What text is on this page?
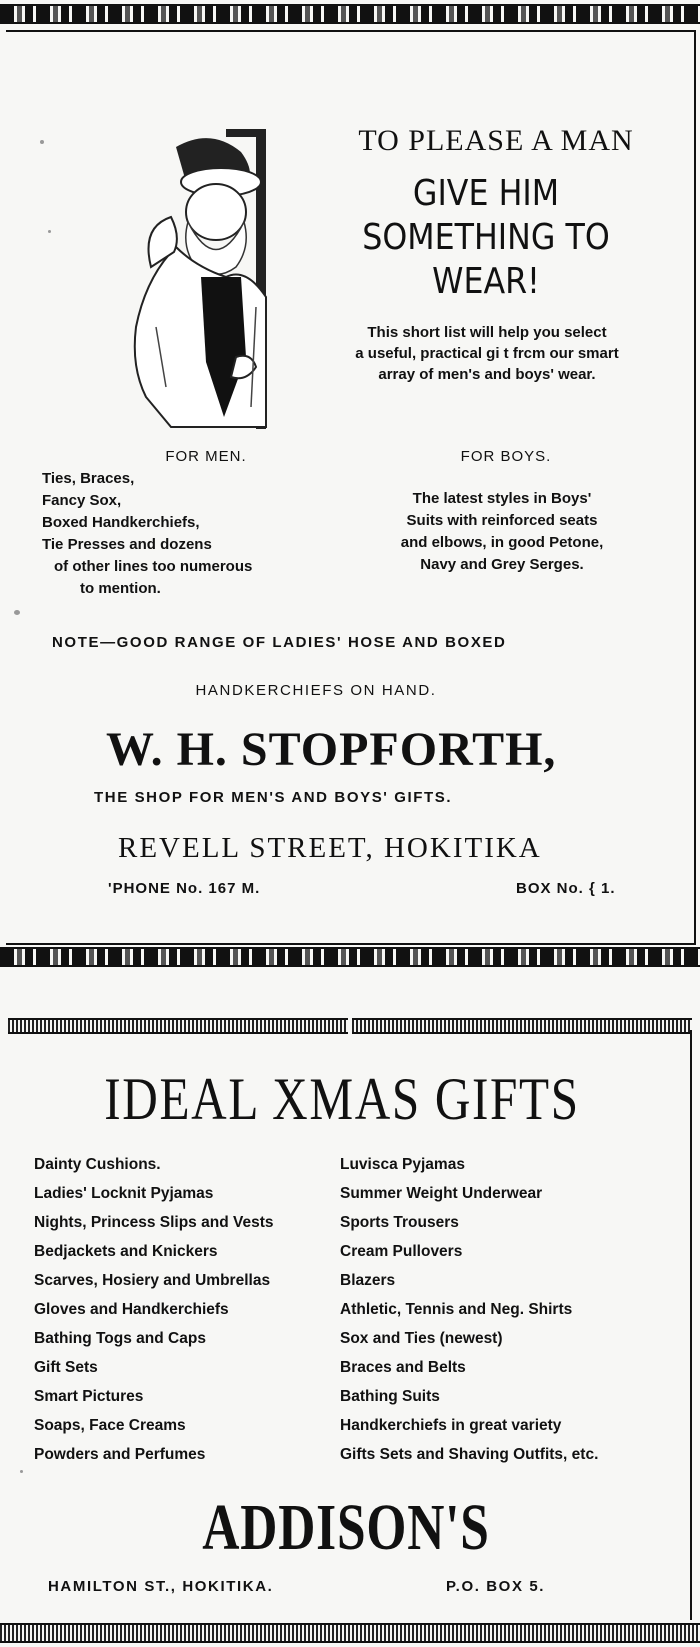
TO PLEASE A MAN
GIVE HIM
SOMETHING TO
WEAR!
This short list will help you select
a useful, practical gi t frcm our smart
array of men's and boys' wear.
FOR MEN.
Ties, Braces,
Fancy Sox,
Boxed Handkerchiefs,
Tie Presses and dozens
of other lines too numerous
to mention.
FOR BOYS.
The latest styles in Boys'
Suits with reinforced seats
and elbows, in good Petone,
Navy and Grey Serges.
NOTE—GOOD RANGE OF LADIES' HOSE AND BOXED
HANDKERCHIEFS ON HAND.
W. H. STOPFORTH,
THE SHOP FOR MEN'S AND BOYS' GIFTS.
REVELL STREET, HOKITIKA
'PHONE No. 167 M.	BOX No. { 1.
IDEAL XMAS GIFTS
Dainty Cushions.
Ladies' Locknit Pyjamas
Nights, Princess Slips and Vests
Bedjackets and Knickers
Scarves, Hosiery and Umbrellas
Gloves and Handkerchiefs
Bathing Togs and Caps
Gift Sets
Smart Pictures
Soaps, Face Creams
Powders and Perfumes
Luvisca Pyjamas
Summer Weight Underwear
Sports Trousers
Cream Pullovers
Blazers
Athletic, Tennis and Neg. Shirts
Sox and Ties (newest)
Braces and Belts
Bathing Suits
Handkerchiefs in great variety
Gifts Sets and Shaving Outfits, etc.
ADDISON'S
HAMILTON ST., HOKITIKA.	P.O. BOX 5.
